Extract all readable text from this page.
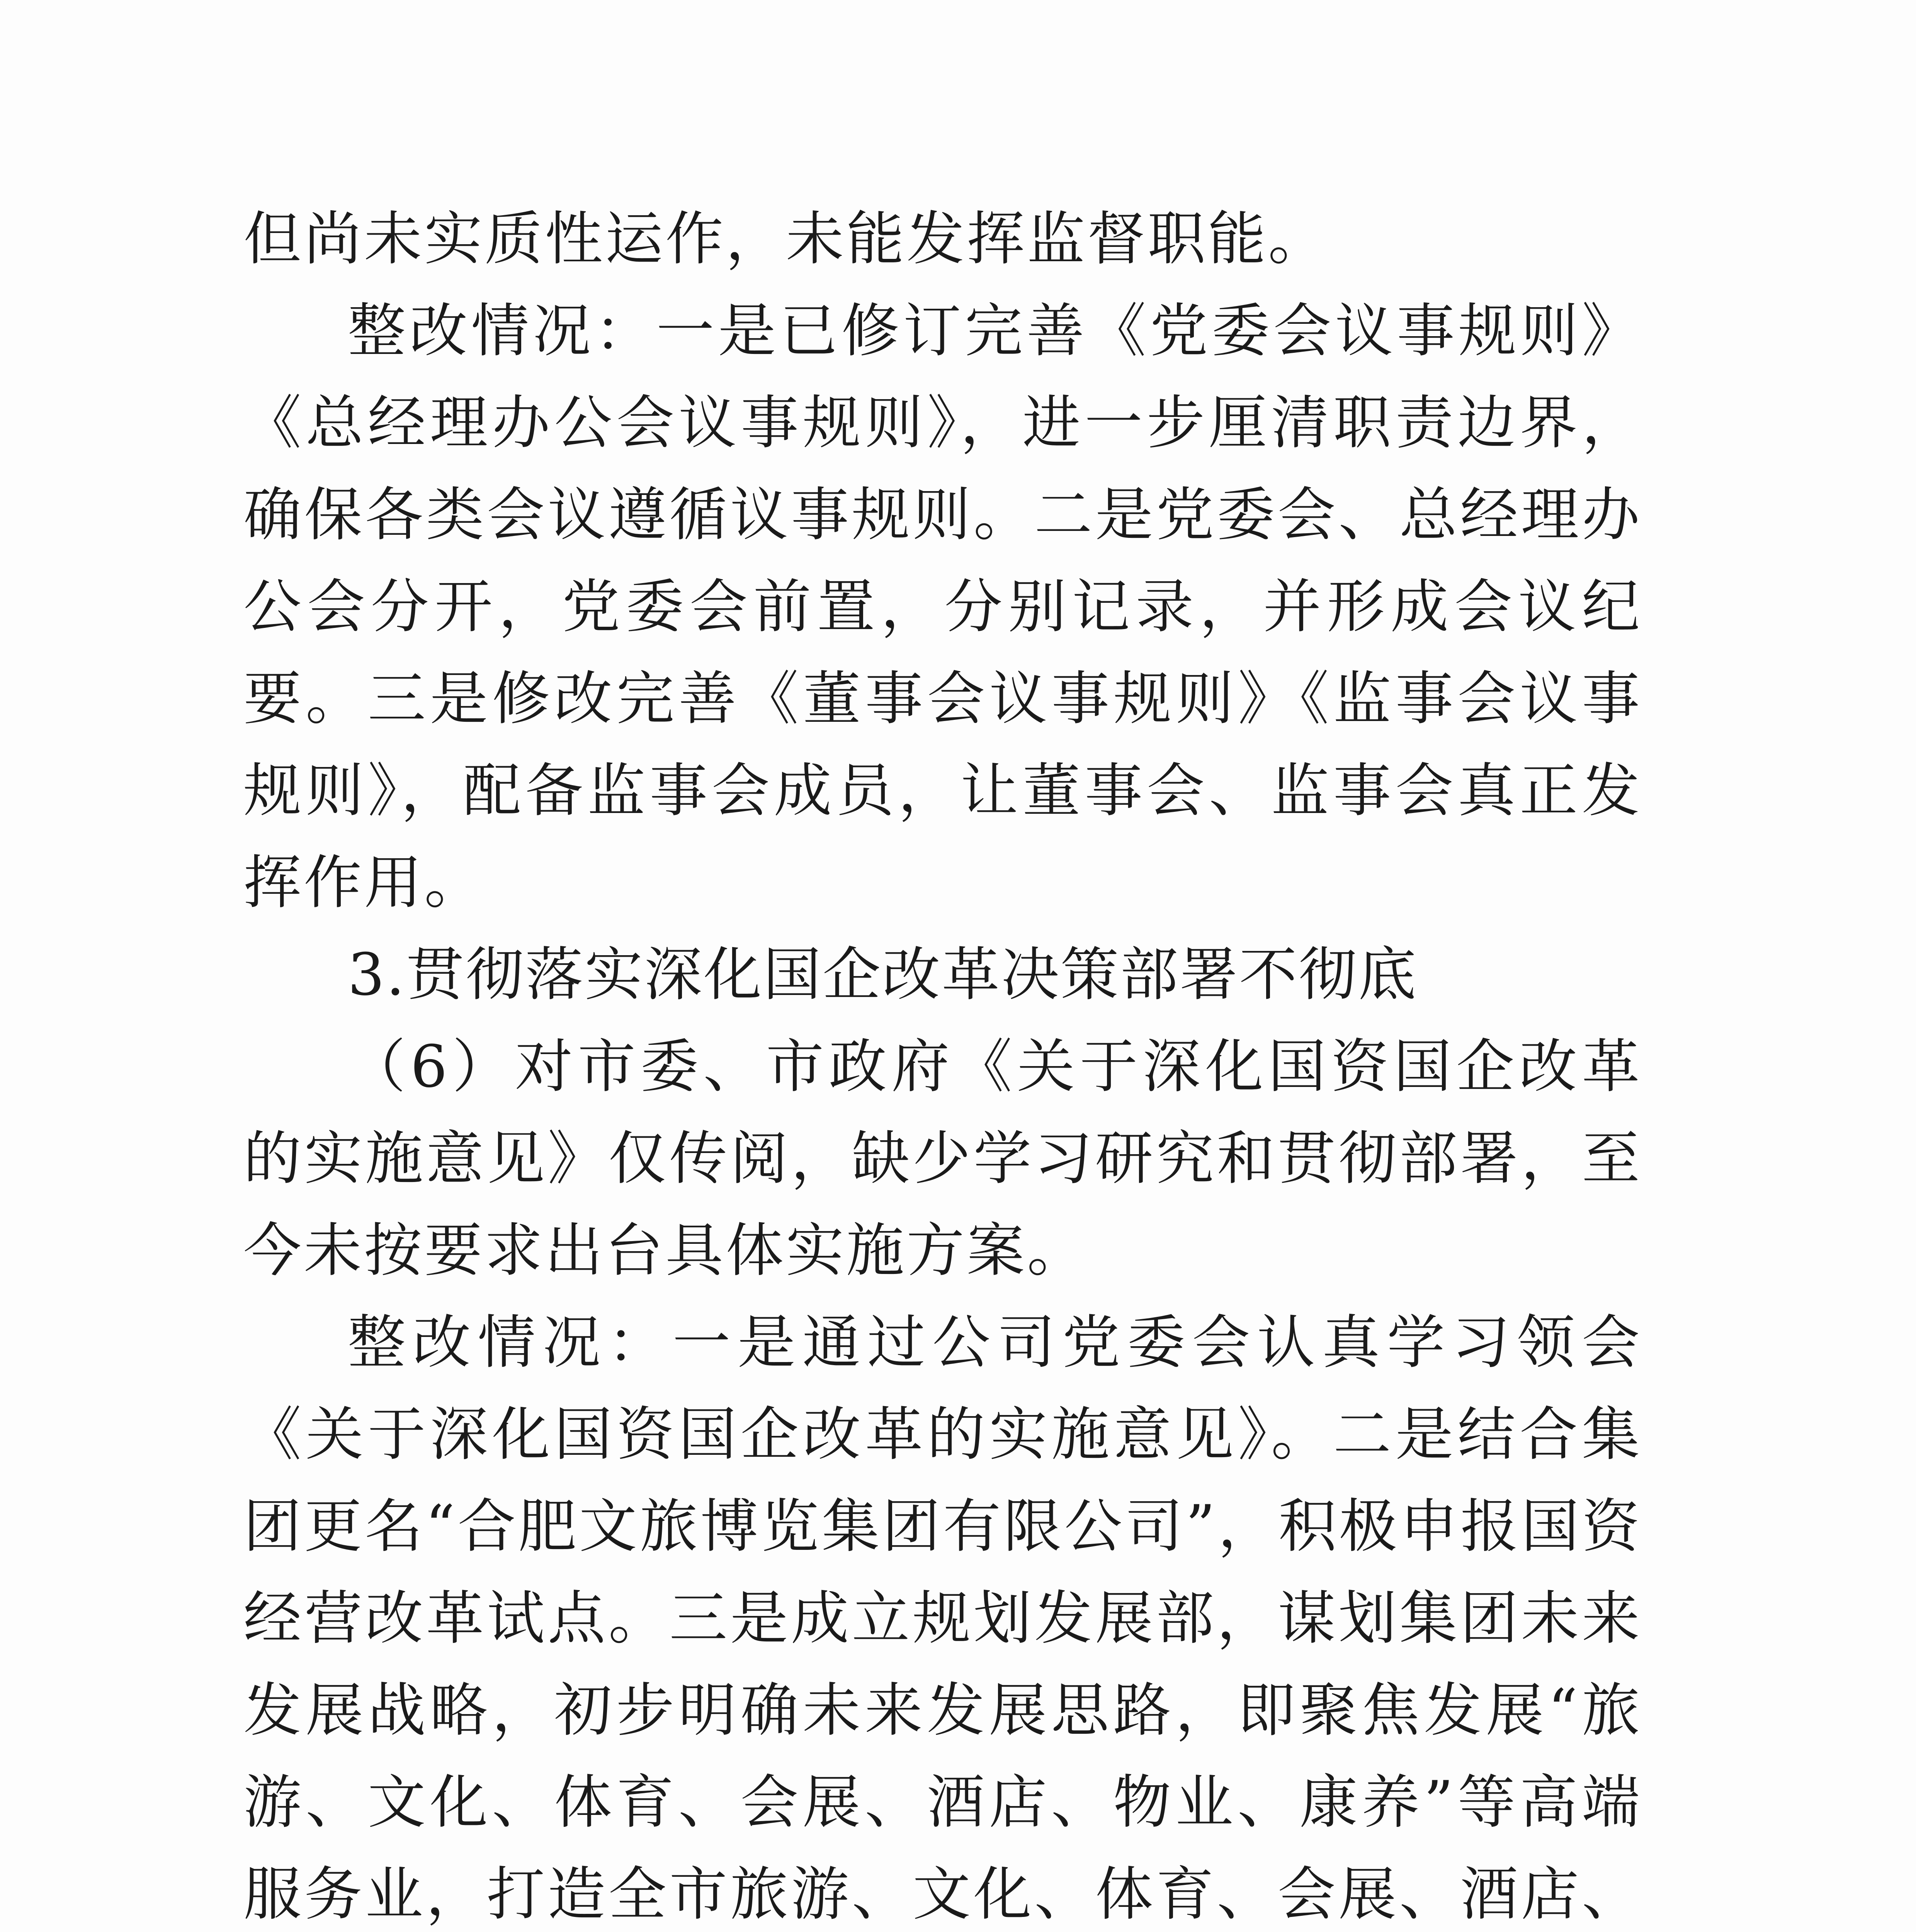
但尚未实质性运作，未能发挥监督职能。

整改情况：一是已修订完善《党委会议事规则》《总经理办公会议事规则》，进一步厘清职责边界，确保各类会议遵循议事规则。二是党委会、总经理办公会分开，党委会前置，分别记录，并形成会议纪要。三是修改完善《董事会议事规则》《监事会议事规则》，配备监事会成员，让董事会、监事会真正发挥作用。

3.贯彻落实深化国企改革决策部署不彻底

（6）对市委、市政府《关于深化国资国企改革的实施意见》仅传阅，缺少学习研究和贯彻部署，至今未按要求出台具体实施方案。

整改情况：一是通过公司党委会认真学习领会《关于深化国资国企改革的实施意见》。二是结合集团更名“合肥文旅博览集团有限公司”，积极申报国资经营改革试点。三是成立规划发展部，谋划集团未来发展战略，初步明确未来发展思路，即聚焦发展“旅游、文化、体育、会展、酒店、物业、康养”等高端服务业，打造全市旅游、文化、体育、会展、酒店、
